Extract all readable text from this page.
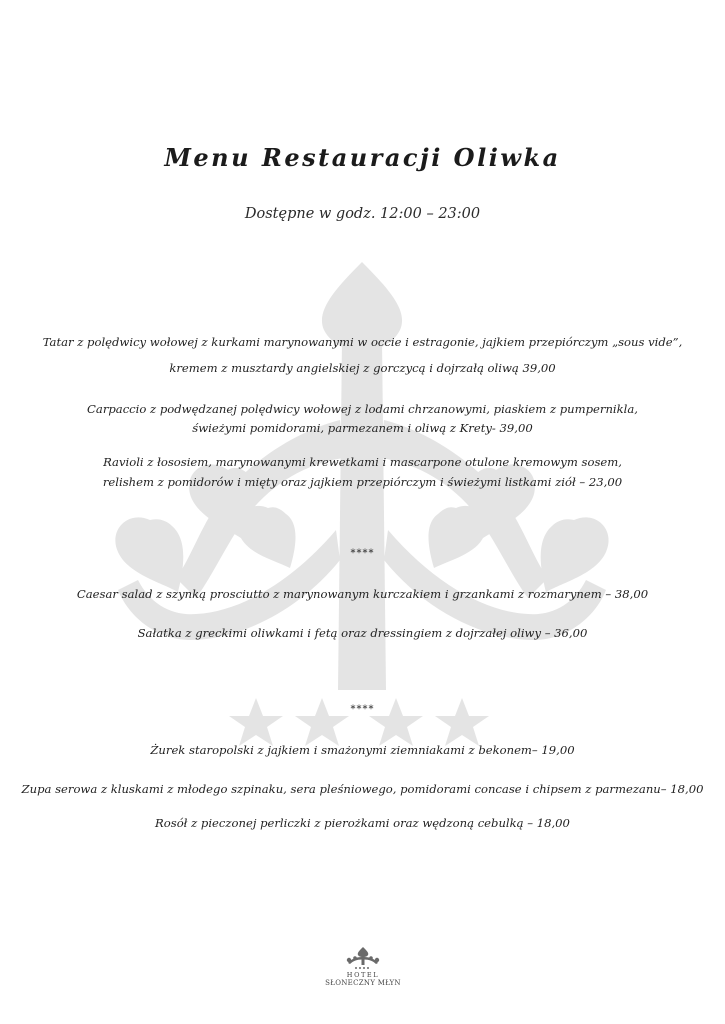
Menu Restauracji Oliwka
Dostępne w godz. 12:00 – 23:00
Tatar z polędwicy wołowej z kurkami marynowanymi w occie i estragonie, jajkiem przepiórczym „sous vide”,
kremem z musztardy angielskiej z gorczycą i dojrzałą oliwą 39,00
Carpaccio z podwędzanej polędwicy wołowej z lodami chrzanowymi, piaskiem z pumpernikla,
świeżymi pomidorami, parmezanem i oliwą z Krety- 39,00
Ravioli z łososiem, marynowanymi krewetkami i mascarpone otulone kremowym sosem,
relishem z pomidorów i mięty oraz jajkiem przepiórczym i świeżymi listkami ziół – 23,00
****
Caesar salad z szynką prosciutto z marynowanym kurczakiem i grzankami z rozmarynem – 38,00
Sałatka z greckimi oliwkami i fetą oraz dressingiem z dojrzałej oliwy – 36,00
****
Żurek staropolski z jajkiem i smażonymi ziemniakami z bekonem– 19,00
Zupa serowa z kluskami z młodego szpinaku, sera pleśniowego, pomidorami concase i chipsem z parmezanu– 18,00
Rosół z pieczonej perliczki z pierożkami oraz wędzoną cebulką – 18,00
HOTEL
SŁONECZNY MŁYN
